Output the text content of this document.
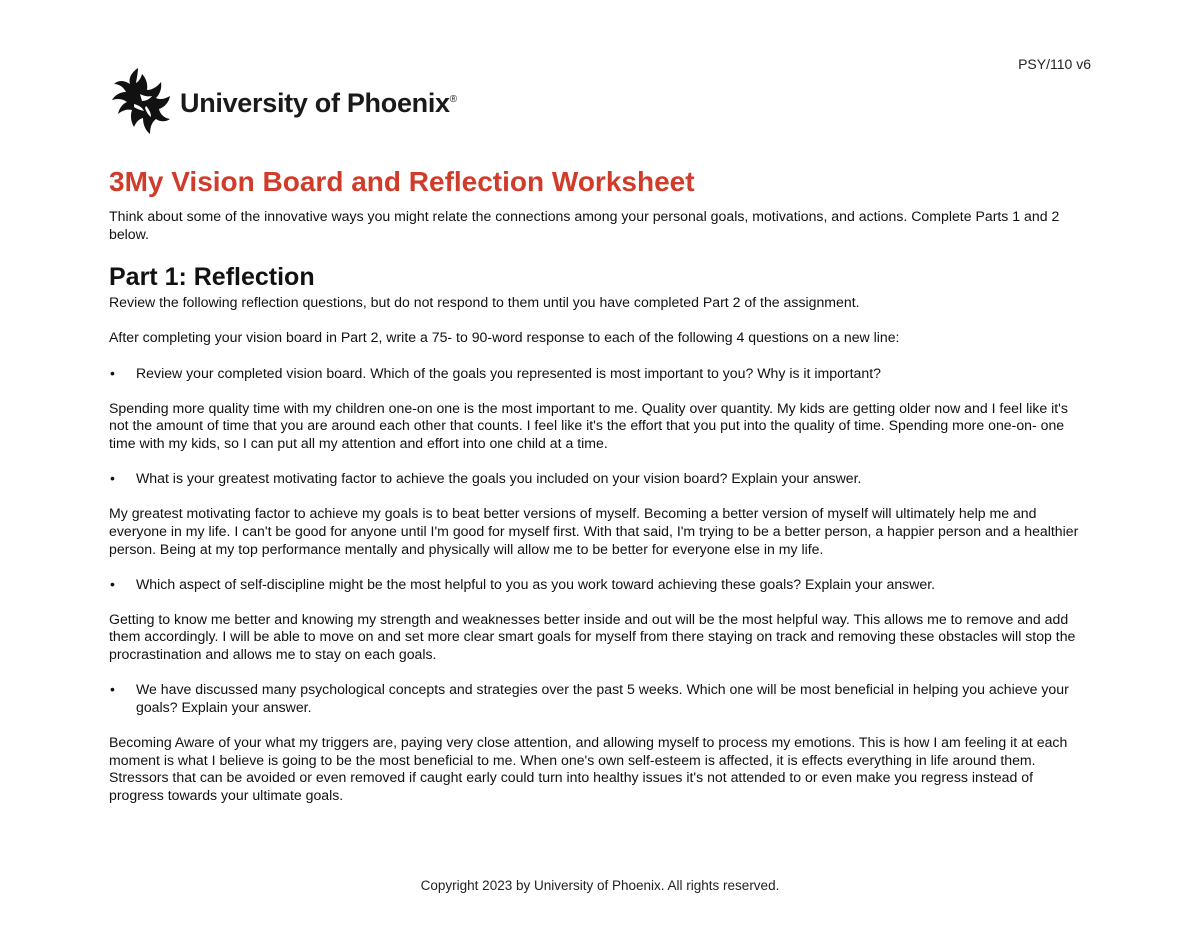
PSY/110 v6
University of Phoenix®
3My Vision Board and Reflection Worksheet

Think about some of the innovative ways you might relate the connections among your personal goals, motivations, and actions. Complete Parts 1 and 2 below.

Part 1: Reflection

Review the following reflection questions, but do not respond to them until you have completed Part 2 of the assignment.

After completing your vision board in Part 2, write a 75- to 90-word response to each of the following 4 questions on a new line:

• Review your completed vision board. Which of the goals you represented is most important to you? Why is it important?

Spending more quality time with my children one-on one is the most important to me. Quality over quantity. My kids are getting older now and I feel like it's not the amount of time that you are around each other that counts. I feel like it's the effort that you put into the quality of time. Spending more one-on- one time with my kids, so I can put all my attention and effort into one child at a time.

• What is your greatest motivating factor to achieve the goals you included on your vision board? Explain your answer.

My greatest motivating factor to achieve my goals is to beat better versions of myself. Becoming a better version of myself will ultimately help me and everyone in my life. I can't be good for anyone until I'm good for myself first. With that said, I'm trying to be a better person, a happier person and a healthier person. Being at my top performance mentally and physically will allow me to be better for everyone else in my life.

• Which aspect of self-discipline might be the most helpful to you as you work toward achieving these goals? Explain your answer.

Getting to know me better and knowing my strength and weaknesses better inside and out will be the most helpful way. This allows me to remove and add them accordingly. I will be able to move on and set more clear smart goals for myself from there staying on track and removing these obstacles will stop the procrastination and allows me to stay on each goals.

• We have discussed many psychological concepts and strategies over the past 5 weeks. Which one will be most beneficial in helping you achieve your goals? Explain your answer.

Becoming Aware of your what my triggers are, paying very close attention, and allowing myself to process my emotions. This is how I am feeling it at each moment is what I believe is going to be the most beneficial to me. When one's own self-esteem is affected, it is effects everything in life around them. Stressors that can be avoided or even removed if caught early could turn into healthy issues it's not attended to or even make you regress instead of progress towards your ultimate goals.

Copyright 2023 by University of Phoenix. All rights reserved.
